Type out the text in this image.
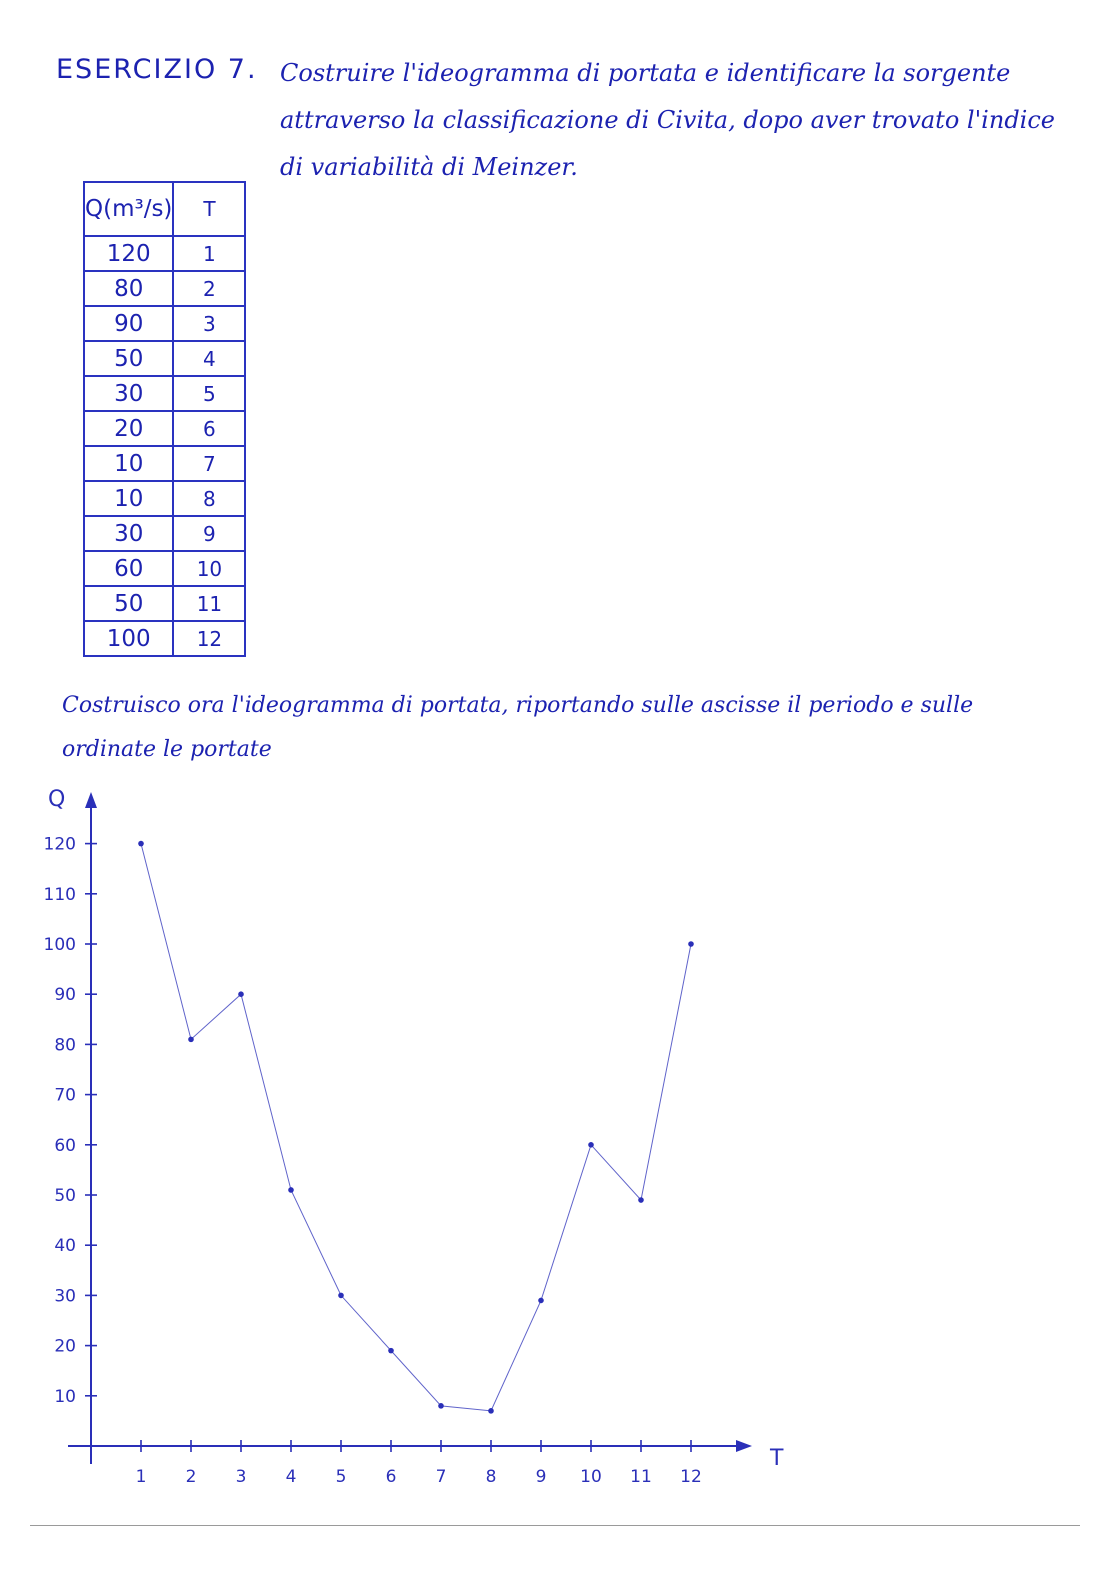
ESERCIZIO 7. Costruire l'ideogramma di portata e identificare la sorgente
attraverso la classificazione di Civita, dopo aver trovato l'indice
di variabilità di Meinzer.
Q(m³/s)	T
120	1
80	2
90	3
50	4
30	5
20	6
10	7
10	8
30	9
60	10
50	11
100	12
Costruisco ora l'ideogramma di portata, riportando sulle ascisse il periodo e sulle
ordinate le portate
T
Q
1 2 3 4 5 6 7 8 9 10 11 12
10
20
30
40
50
60
70
80
90
100
110
120
